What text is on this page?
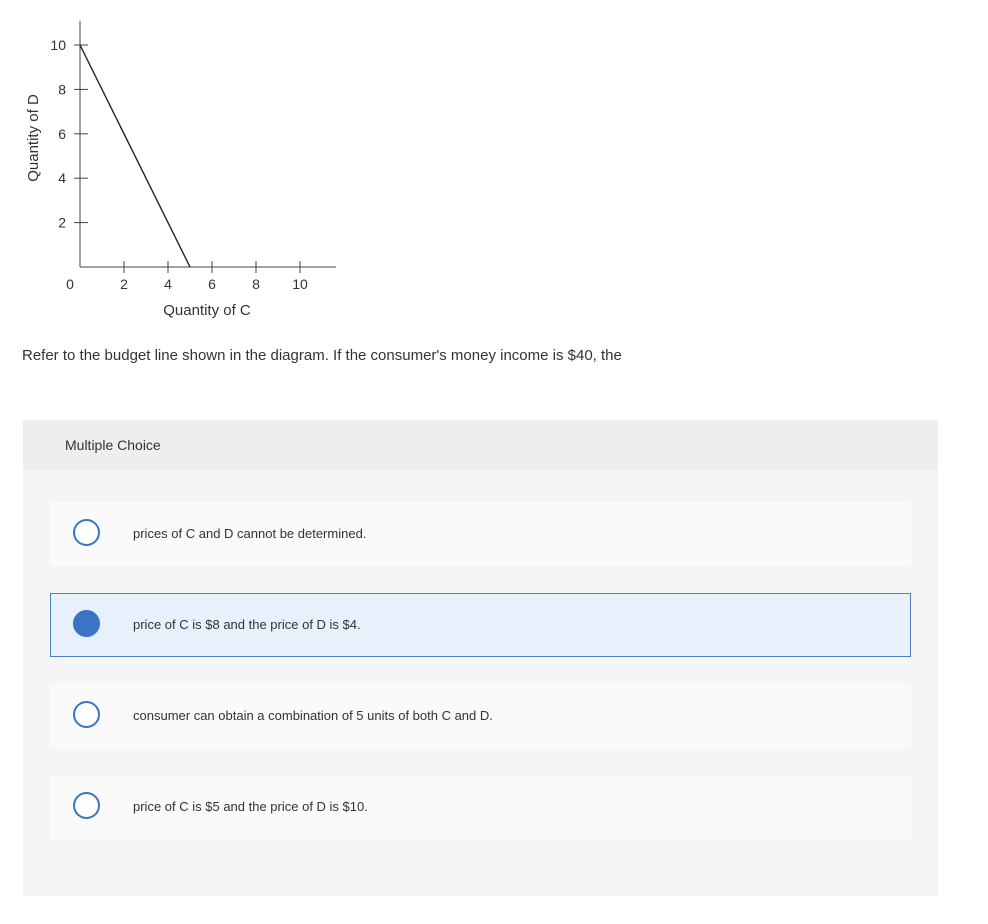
2	4	6	8 10
2
4
6
8
10
0
Quantity of C
Quantity of D
Refer to the budget line shown in the diagram. If the consumer's money income is $40, the
Multiple Choice
prices of C and D cannot be determined.
price of C is $8 and the price of D is $4.
consumer can obtain a combination of 5 units of both C and D.
price of C is $5 and the price of D is $10.
